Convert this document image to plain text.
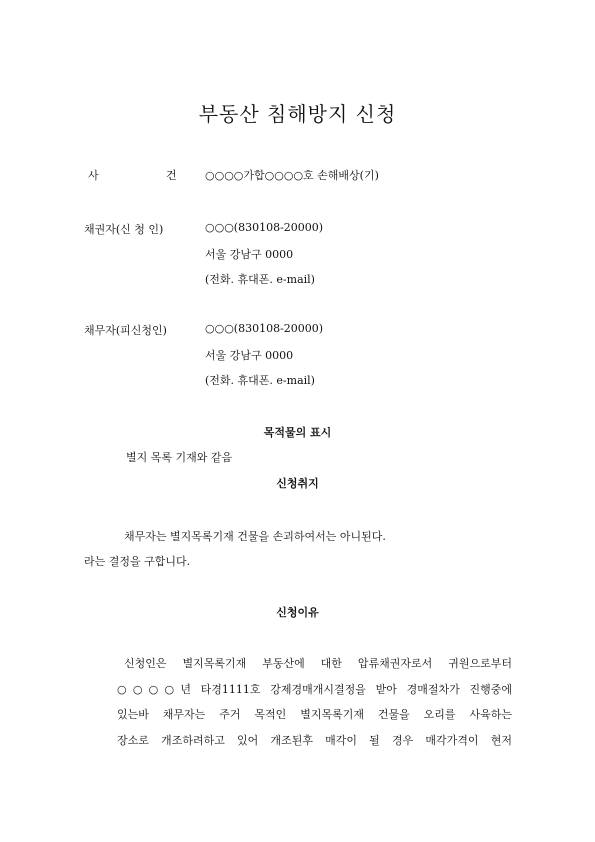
부동산 침해방지 신청
사	건	○○○○가합○○○○호 손해배상(기)
채권자(신 청 인)	○○○(830108-20000)
서울 강남구 0000
(전화. 휴대폰. e-mail)
채무자(피신청인)	○○○(830108-20000)
서울 강남구 0000
(전화. 휴대폰. e-mail)
목적물의 표시
별지 목록 기재와 같음
신청취지
채무자는 별지목록기재 건물을 손괴하여서는 아니된다.
라는 결정을 구합니다.
신청이유
신청인은 별지목록기재 부동산에 대한 압류채권자로서 귀원으로부터
○○○○년 타경1111호 강제경매개시결정을 받아 경매절차가 진행중에
있는바 채무자는 주거 목적인 별지목록기재 건물을 오리를 사육하는
장소로 개조하려하고 있어 개조된후 매각이 될 경우 매각가격이 현저
